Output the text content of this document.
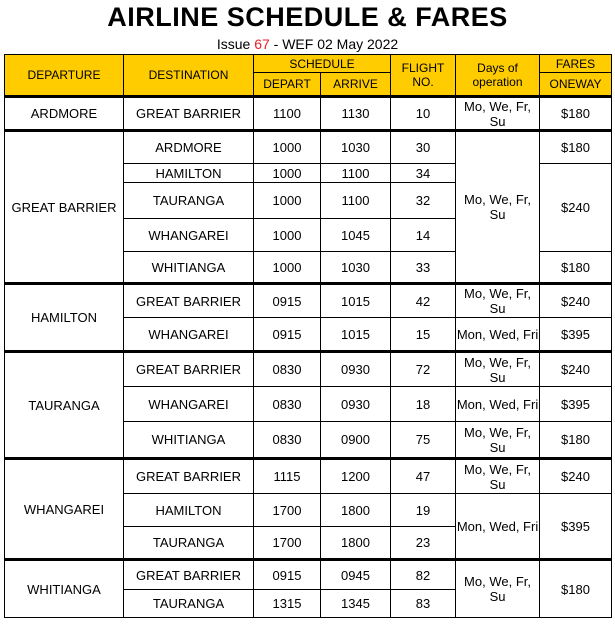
AIRLINE SCHEDULE & FARES
Issue 67 - WEF 02 May 2022
DEPARTURE	DESTINATION	SCHEDULE		FLIGHT NO.	Days of operation	FARES
		DEPART	ARRIVE			ONEWAY
ARDMORE	GREAT BARRIER	1100	1130	10	Mo, We, Fr, Su	$180
GREAT BARRIER	ARDMORE	1000	1030	30	Mo, We, Fr, Su	$180
	HAMILTON	1000	1100	34		$240
	TAURANGA	1000	1100	32		
	WHANGAREI	1000	1045	14		
	WHITIANGA	1000	1030	33		$180
HAMILTON	GREAT BARRIER	0915	1015	42	Mo, We, Fr, Su	$240
	WHANGAREI	0915	1015	15	Mon, Wed, Fri	$395
TAURANGA	GREAT BARRIER	0830	0930	72	Mo, We, Fr, Su	$240
	WHANGAREI	0830	0930	18	Mon, Wed, Fri	$395
	WHITIANGA	0830	0900	75	Mo, We, Fr, Su	$180
WHANGAREI	GREAT BARRIER	1115	1200	47	Mo, We, Fr, Su	$240
	HAMILTON	1700	1800	19	Mon, Wed, Fri	$395
	TAURANGA	1700	1800	23		
WHITIANGA	GREAT BARRIER	0915	0945	82	Mo, We, Fr, Su	$180
	TAURANGA	1315	1345	83		
